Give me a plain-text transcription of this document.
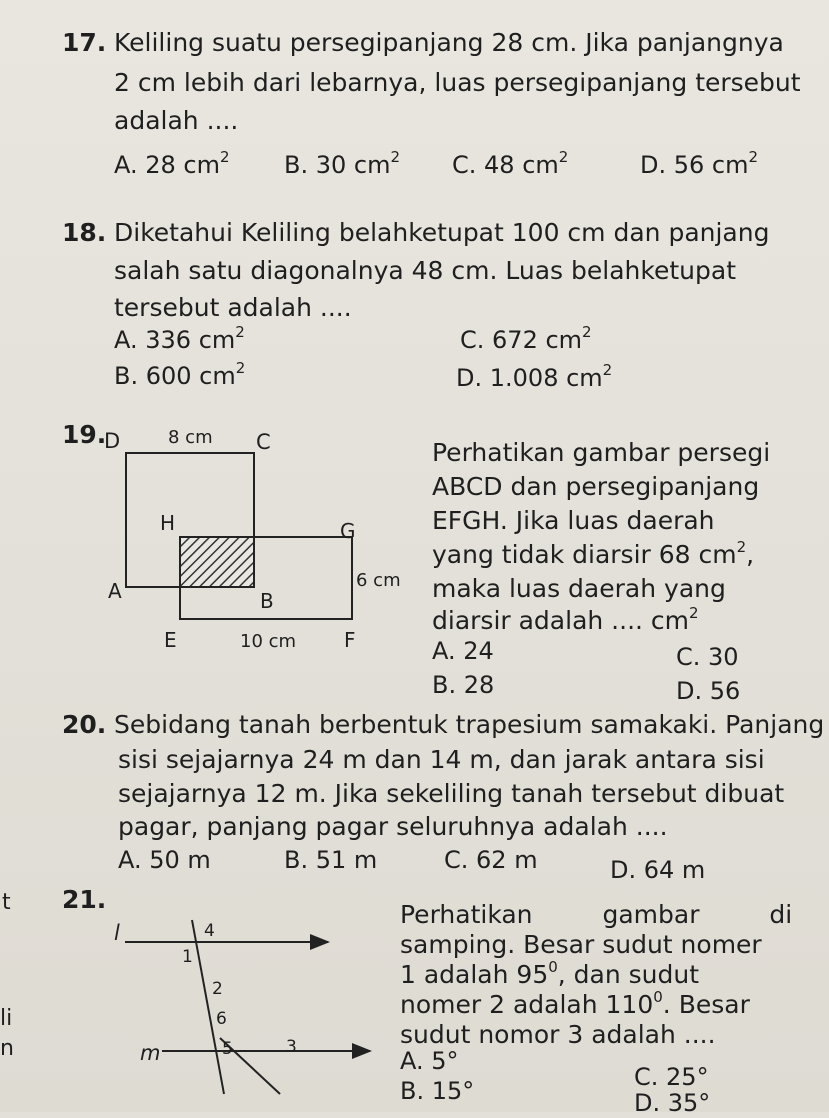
17. Keliling suatu persegipanjang 28 cm. Jika panjangnya
2 cm lebih dari lebarnya, luas persegipanjang tersebut
adalah ....
A. 28 $cm^2$ B. 30 $cm^2$ C. 48 $cm^2$	D. 56 $cm^2$
18. Diketahui Keliling belahketupat 100 cm dan panjang
salah satu diagonalnya 48 cm. Luas belahketupat
tersebut adalah ....
A. 336 $cm^2$
B. 600 $cm^2$
C. 672 $cm^2$
D. 1.008 $cm^2$
19.
D	8 cm C
H	G
A	B
6 cm
E	10 cm F
Perhatikan gambar persegi
ABCD dan persegipanjang
EFGH. Jika luas daerah
yang tidak diarsir 68 $cm^2$,
maka luas daerah yang
diarsir adalah .... $cm^2$
A. 24
B. 28
C. 30
D. 56
20. Sebidang tanah berbentuk trapesium samakaki. Panjang
sisi sejajarnya 24 m dan 14 m, dan jarak antara sisi
sejajarnya 12 m. Jika sekeliling tanah tersebut dibuat
pagar, panjang pagar seluruhnya adalah ....
A. 50 m	B. 51 m	C. 62 m	D. 64 m
t
li
n
21.
l
m
4
1
2
6
5	3
Perhatikan gambar di
samping. Besar sudut nomer
1 adalah $95^0$, dan sudut
nomer 2 adalah $110^0$. Besar
sudut nomor 3 adalah ....
A. 5°
B. 15°	C. 25°
D. 35°
